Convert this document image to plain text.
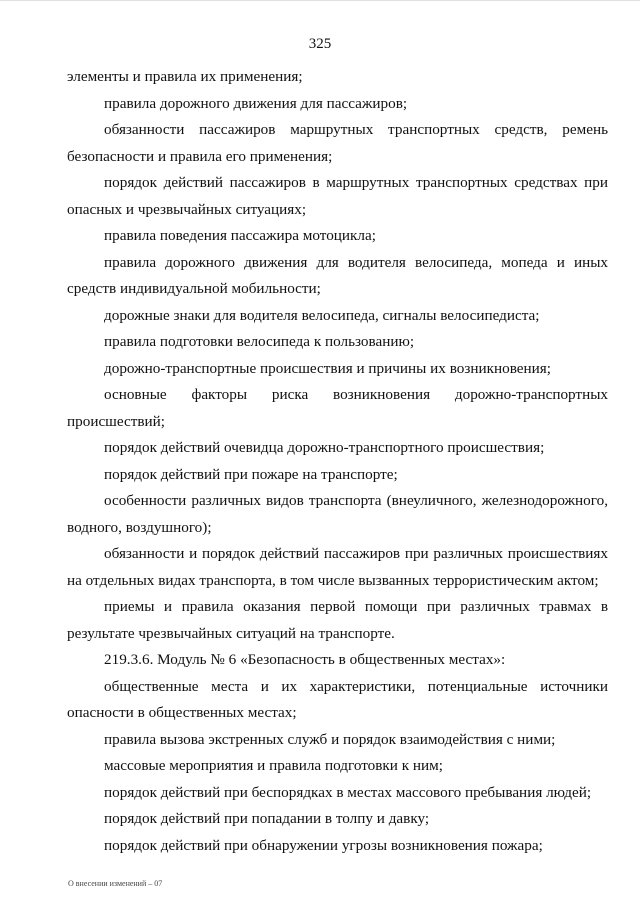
325

элементы и правила их применения;

правила дорожного движения для пассажиров;

обязанности пассажиров маршрутных транспортных средств, ремень безопасности и правила его применения;

порядок действий пассажиров в маршрутных транспортных средствах при опасных и чрезвычайных ситуациях;

правила поведения пассажира мотоцикла;

правила дорожного движения для водителя велосипеда, мопеда и иных средств индивидуальной мобильности;

дорожные знаки для водителя велосипеда, сигналы велосипедиста;

правила подготовки велосипеда к пользованию;

дорожно-транспортные происшествия и причины их возникновения;

основные факторы риска возникновения дорожно-транспортных происшествий;

порядок действий очевидца дорожно-транспортного происшествия;

порядок действий при пожаре на транспорте;

особенности различных видов транспорта (внеуличного, железнодорожного, водного, воздушного);

обязанности и порядок действий пассажиров при различных происшествиях на отдельных видах транспорта, в том числе вызванных террористическим актом;

приемы и правила оказания первой помощи при различных травмах в результате чрезвычайных ситуаций на транспорте.

219.3.6. Модуль № 6 «Безопасность в общественных местах»:

общественные места и их характеристики, потенциальные источники опасности в общественных местах;

правила вызова экстренных служб и порядок взаимодействия с ними;

массовые мероприятия и правила подготовки к ним;

порядок действий при беспорядках в местах массового пребывания людей;

порядок действий при попадании в толпу и давку;

порядок действий при обнаружении угрозы возникновения пожара;

О внесении изменений – 07
